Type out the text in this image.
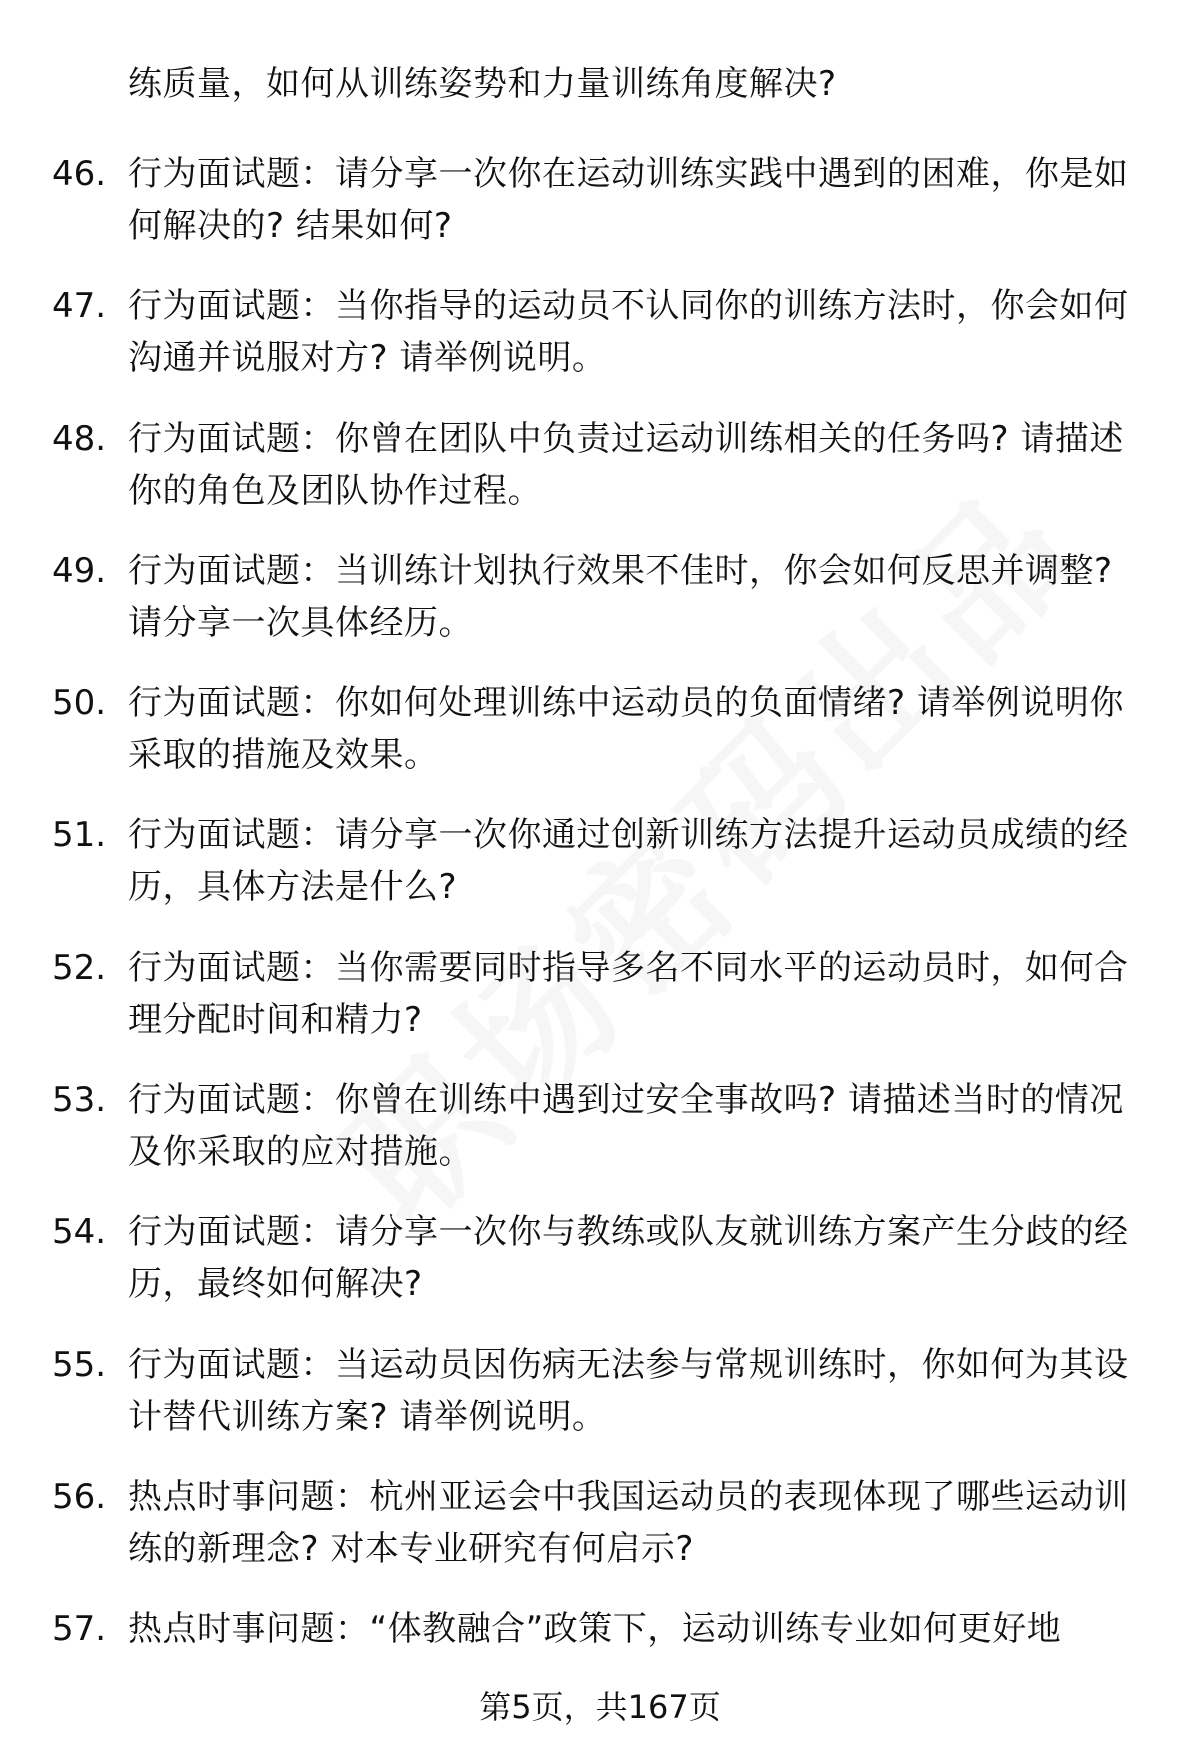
练质量，如何从训练姿势和力量训练角度解决?

46. 行为面试题：请分享一次你在运动训练实践中遇到的困难，你是如何解决的? 结果如何?
47. 行为面试题：当你指导的运动员不认同你的训练方法时，你会如何沟通并说服对方? 请举例说明。
48. 行为面试题：你曾在团队中负责过运动训练相关的任务吗? 请描述你的角色及团队协作过程。
49. 行为面试题：当训练计划执行效果不佳时，你会如何反思并调整? 请分享一次具体经历。
50. 行为面试题：你如何处理训练中运动员的负面情绪? 请举例说明你采取的措施及效果。
51. 行为面试题：请分享一次你通过创新训练方法提升运动员成绩的经历，具体方法是什么?
52. 行为面试题：当你需要同时指导多名不同水平的运动员时，如何合理分配时间和精力?
53. 行为面试题：你曾在训练中遇到过安全事故吗? 请描述当时的情况及你采取的应对措施。
54. 行为面试题：请分享一次你与教练或队友就训练方案产生分歧的经历，最终如何解决?
55. 行为面试题：当运动员因伤病无法参与常规训练时，你如何为其设计替代训练方案? 请举例说明。
56. 热点时事问题：杭州亚运会中我国运动员的表现体现了哪些运动训练的新理念? 对本专业研究有何启示?
57. 热点时事问题：“体教融合”政策下，运动训练专业如何更好地
第5页，共167页
